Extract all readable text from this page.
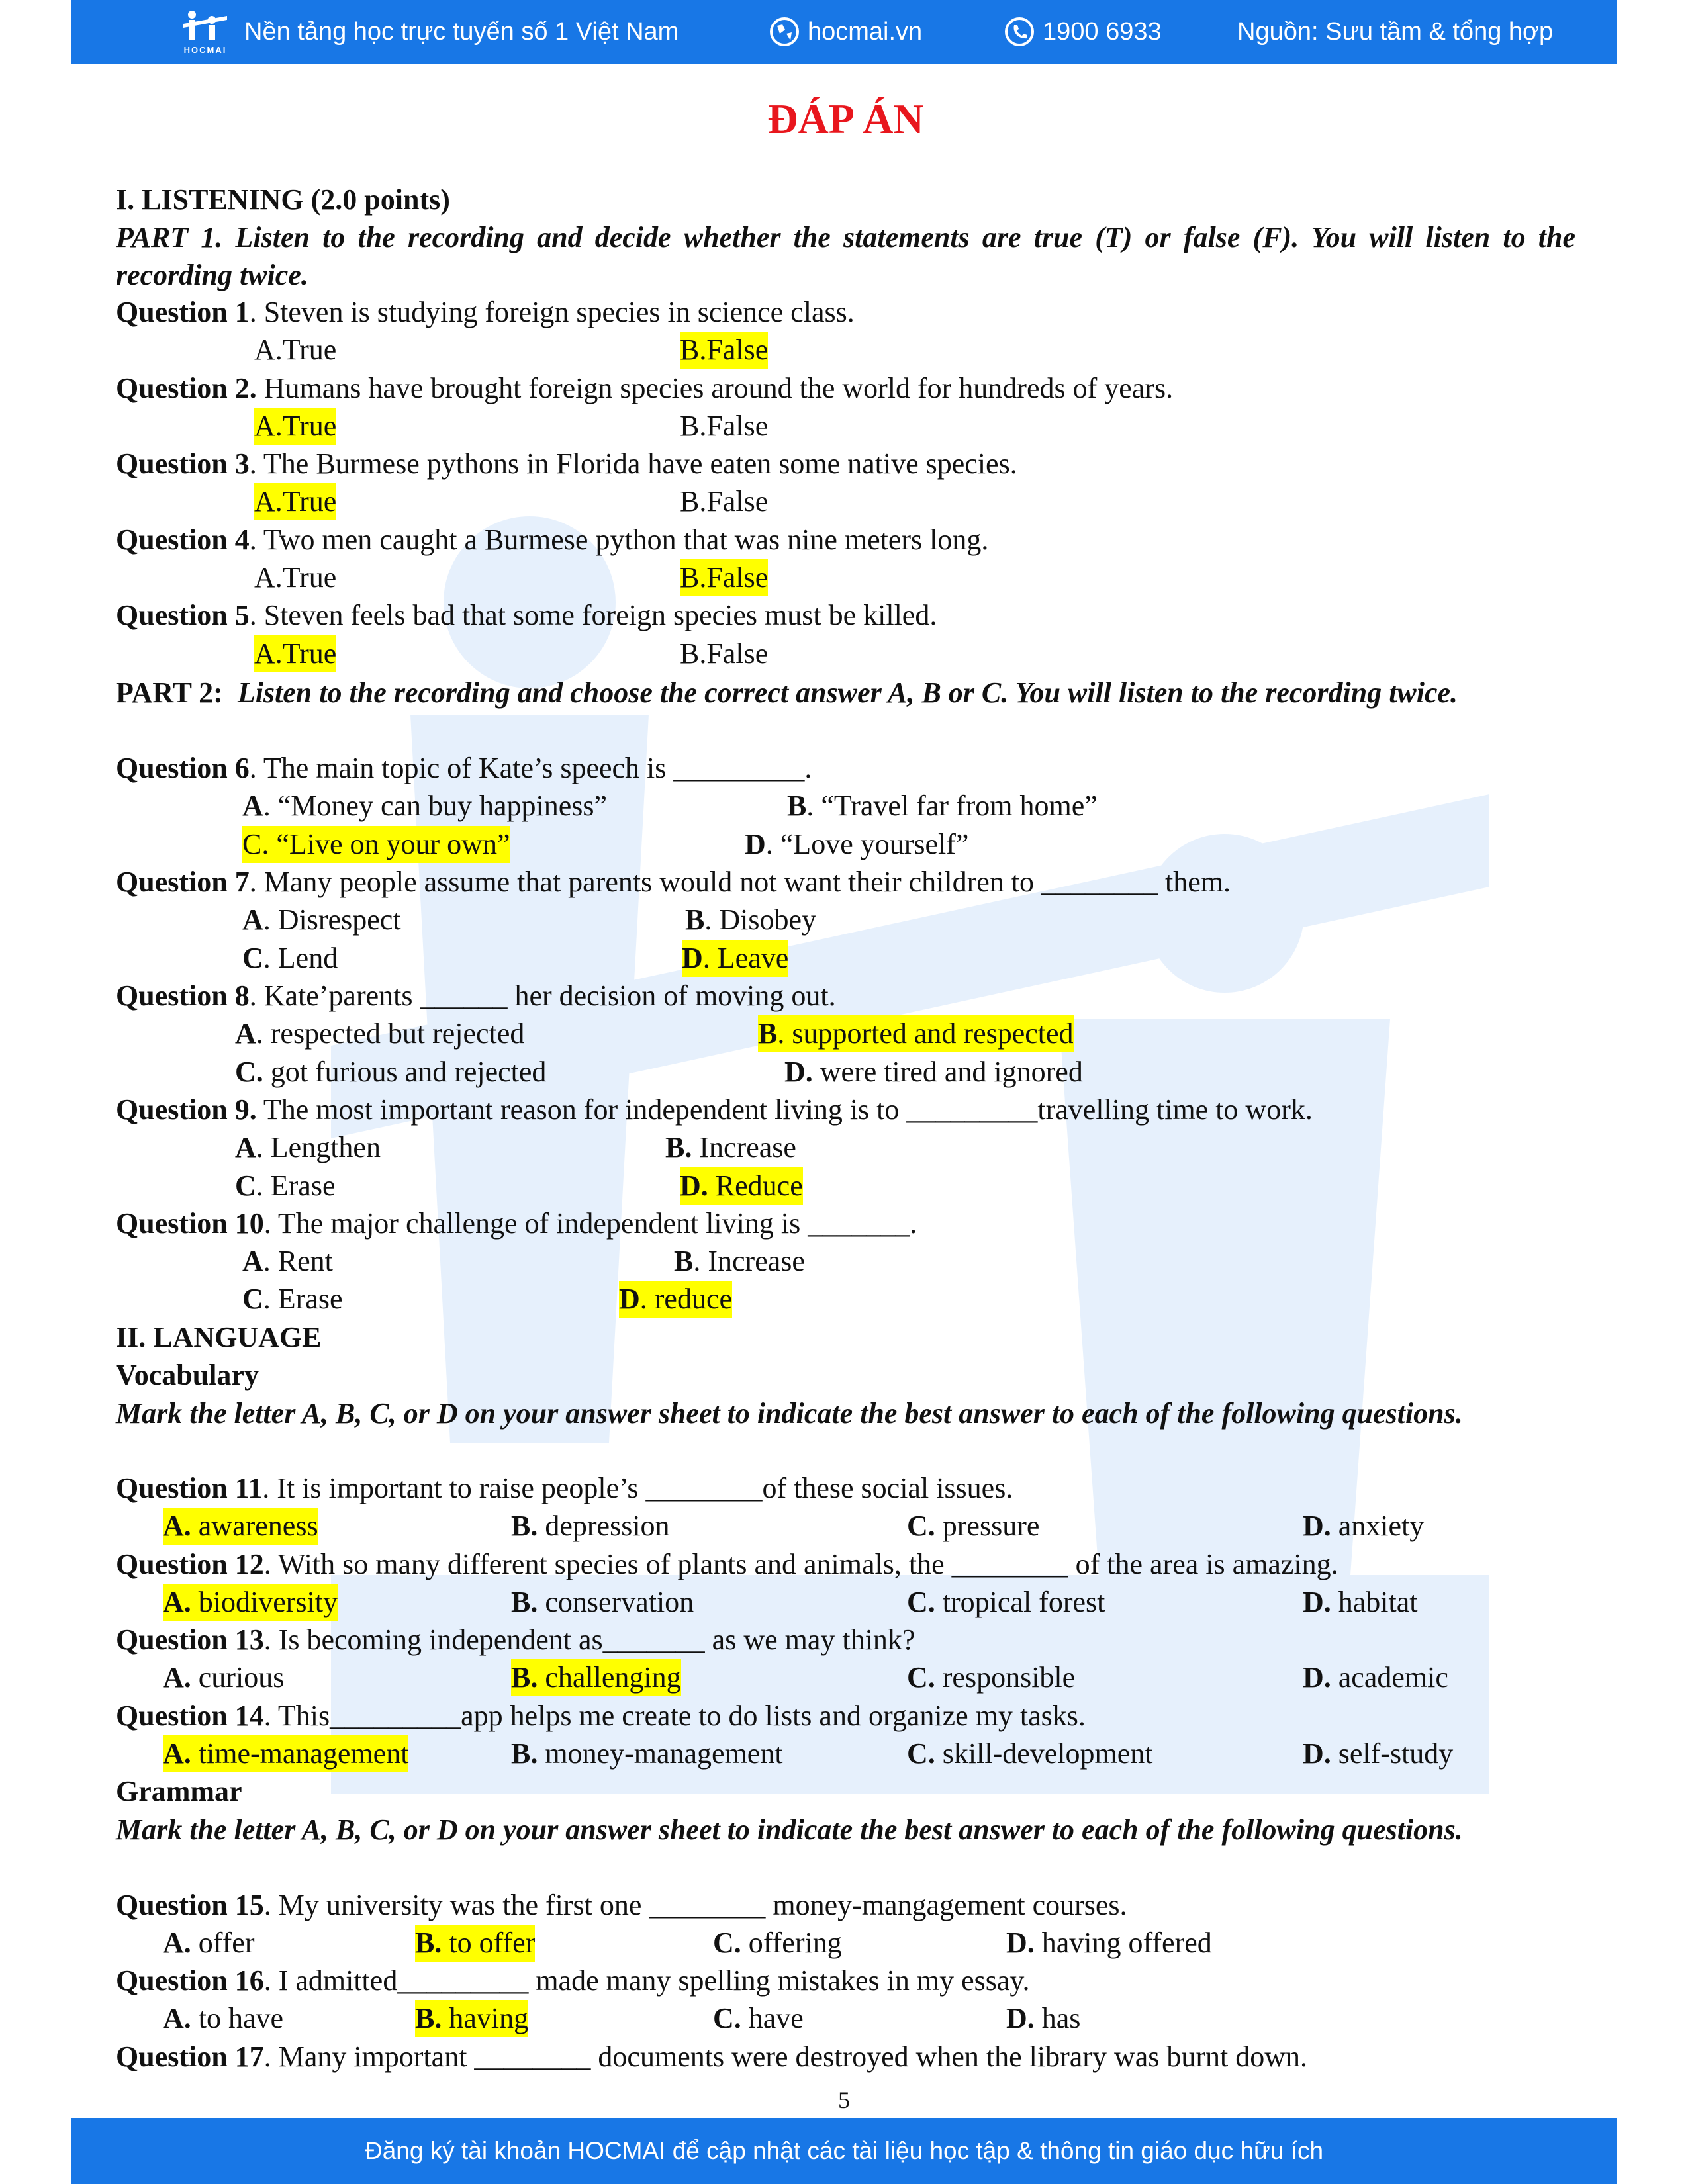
HOCMAI
Nền tảng học trực tuyến số 1 Việt Nam	hocmai.vn	1900 6933	Nguồn: Sưu tầm & tổng hợp
ĐÁP ÁN
I. LISTENING (2.0 points)
PART 1. Listen to the recording and decide whether the statements are true (T) or false (F). You will listen to the recording twice.
Question 1. Steven is studying foreign species in science class.
A.True	B.False
Question 2. Humans have brought foreign species around the world for hundreds of years.
A.True	B.False
Question 3. The Burmese pythons in Florida have eaten some native species.
A.True	B.False
Question 4. Two men caught a Burmese python that was nine meters long.
A.True	B.False
Question 5. Steven feels bad that some foreign species must be killed.
A.True	B.False
PART 2: Listen to the recording and choose the correct answer A, B or C. You will listen to the recording twice.
Question 6. The main topic of Kate’s speech is _________.
A. “Money can buy happiness”	B. “Travel far from home”
C. “Live on your own”	D. “Love yourself”
Question 7. Many people assume that parents would not want their children to ________ them.
A. Disrespect	B. Disobey
C. Lend	D. Leave
Question 8. Kate’parents ______ her decision of moving out.
A. respected but rejected	B. supported and respected
C. got furious and rejected	D. were tired and ignored
Question 9. The most important reason for independent living is to _________travelling time to work.
A. Lengthen	B. Increase
C. Erase	D. Reduce
Question 10. The major challenge of independent living is _______.
A. Rent	B. Increase
C. Erase	D. reduce
II. LANGUAGE
Vocabulary
Mark the letter A, B, C, or D on your answer sheet to indicate the best answer to each of the following questions.
Question 11. It is important to raise people’s ________of these social issues.
A. awareness	B. depression	C. pressure	D. anxiety
Question 12. With so many different species of plants and animals, the ________ of the area is amazing.
A. biodiversity	B. conservation	C. tropical forest	D. habitat
Question 13. Is becoming independent as_______ as we may think?
A. curious	B. challenging	C. responsible	D. academic
Question 14. This_________app helps me create to do lists and organize my tasks.
A. time-management	B. money-management	C. skill-development	D. self-study
Grammar
Mark the letter A, B, C, or D on your answer sheet to indicate the best answer to each of the following questions.
Question 15. My university was the first one ________ money-mangagement courses.
A. offer	B. to offer	C. offering	D. having offered
Question 16. I admitted_________ made many spelling mistakes in my essay.
A. to have	B. having	C. have	D. has
Question 17. Many important ________ documents were destroyed when the library was burnt down.
5
Đăng ký tài khoản HOCMAI để cập nhật các tài liệu học tập & thông tin giáo dục hữu ích
